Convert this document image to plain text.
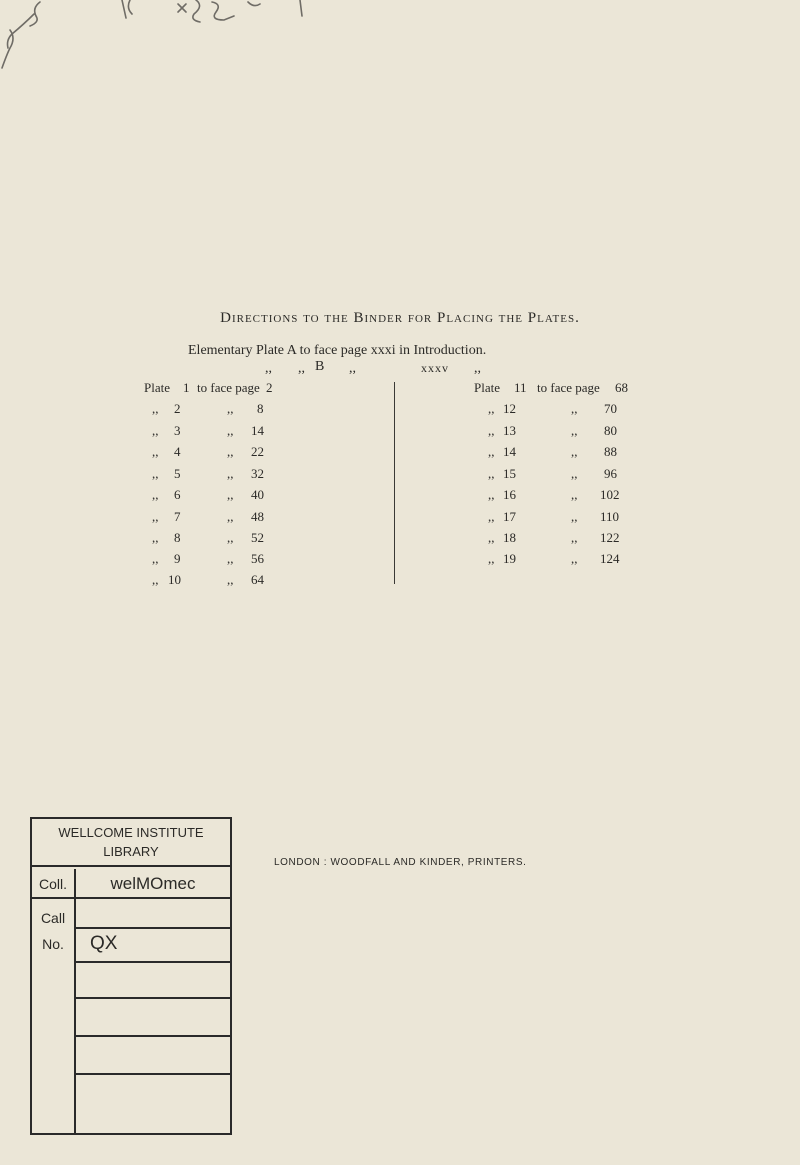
Directions to the Binder for Placing the Plates.
Elementary Plate A to face page xxxi in Introduction.
,, ,, B ,,	xxxv ,,
Plate 1 to face page 2
,, 2	,, 8
,, 3	,, 14
,, 4	,, 22
,, 5	,, 32
,, 6	,, 40
,, 7	,, 48
,, 8	,, 52
,, 9	,, 56
,, 10	,, 64
Plate 11 to face page 68
,, 12	,, 70
,, 13	,, 80
,, 14	,, 88
,, 15	,, 96
,, 16	,, 102
,, 17	,, 110
,, 18	,, 122
,, 19	,, 124
WELLCOME INSTITUTE
LIBRARY
Coll.	welMOmec
Call
No.	QX
LONDON : WOODFALL AND KINDER, PRINTERS.
